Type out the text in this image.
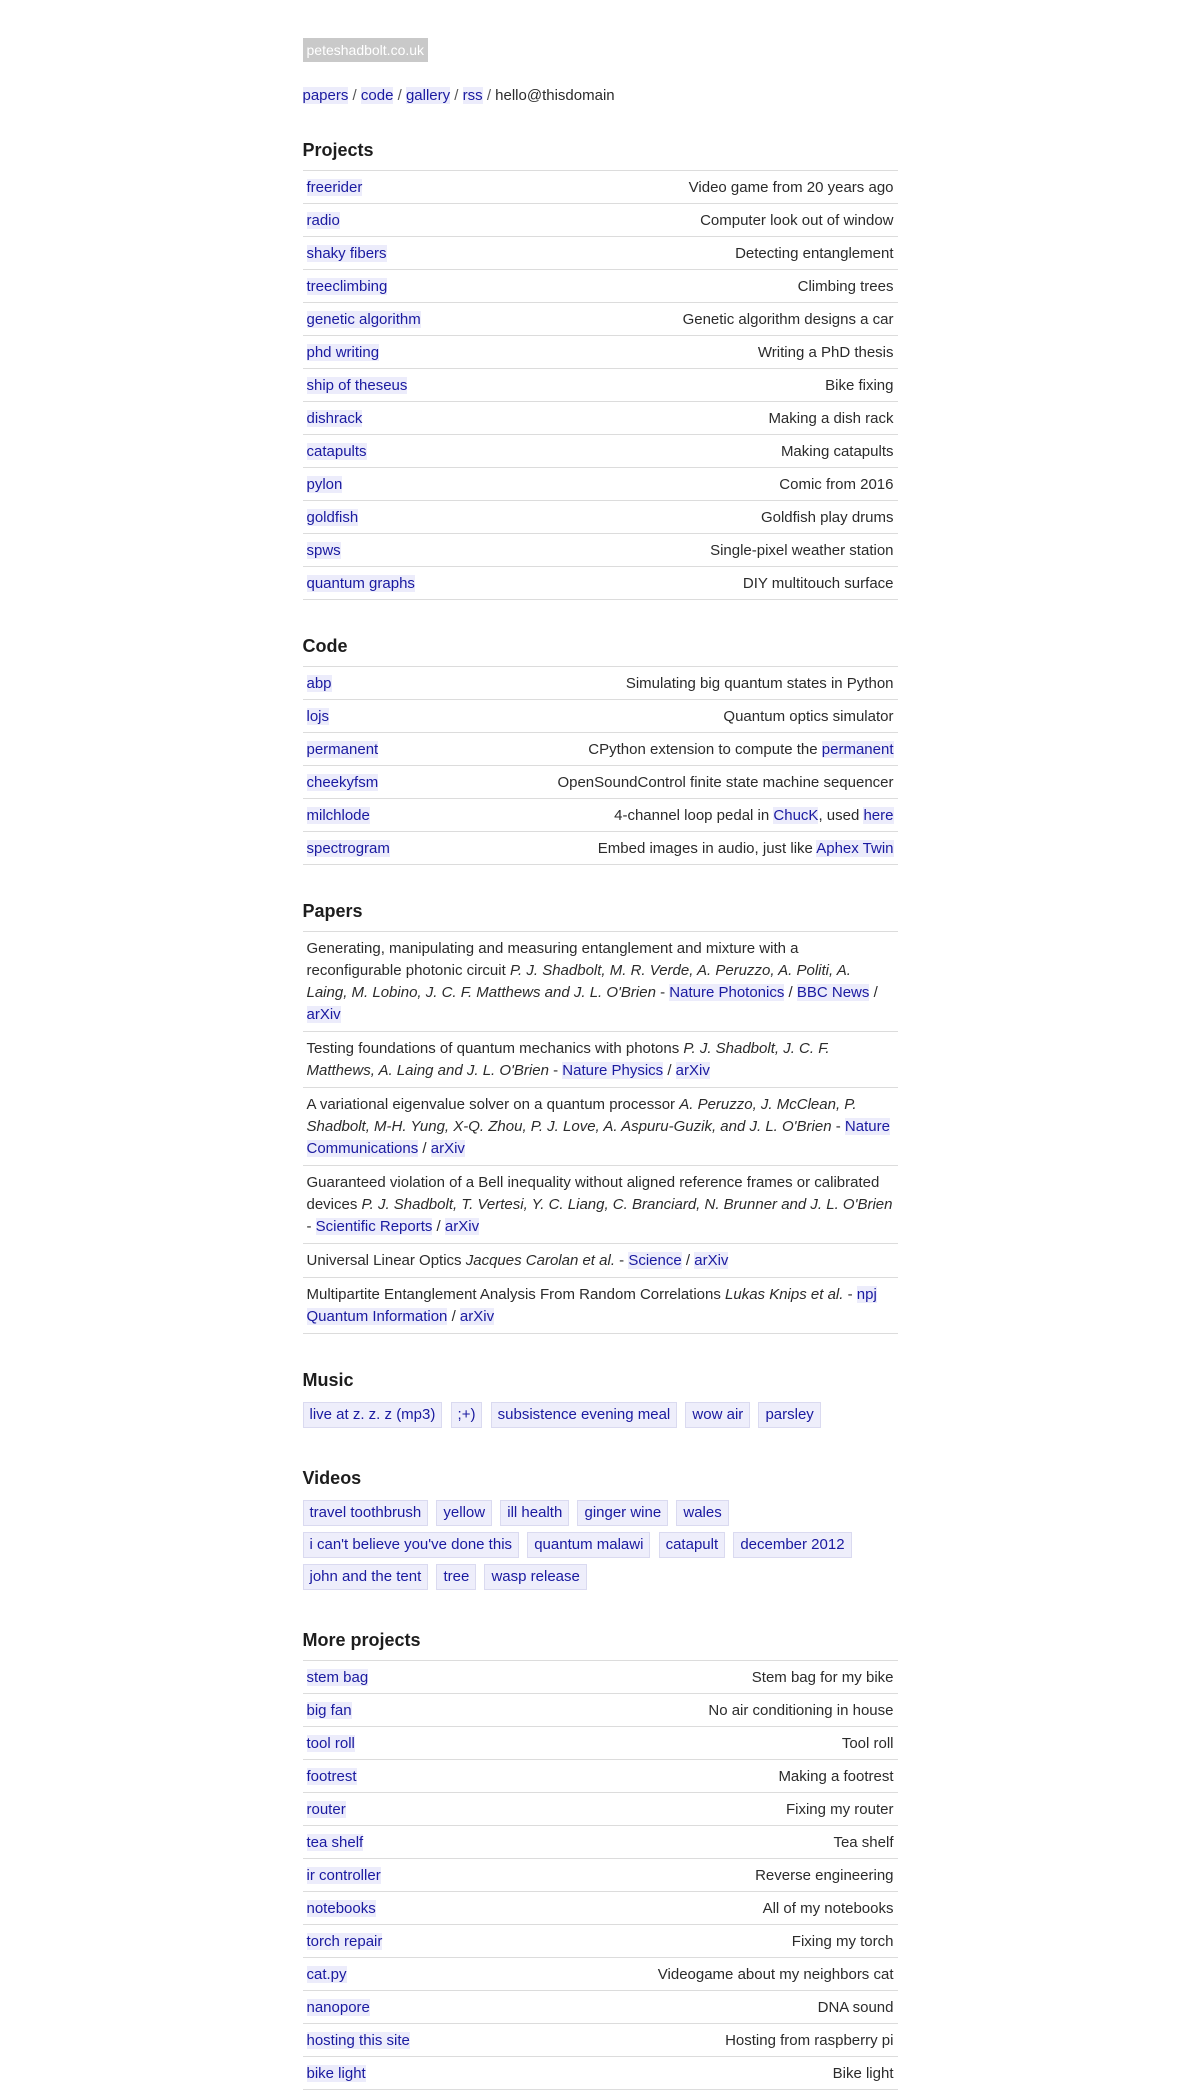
peteshadbolt.co.uk
papers / code / gallery / rss / hello@thisdomain
Projects
freerider	Video game from 20 years ago
radio	Computer look out of window
shaky fibers	Detecting entanglement
treeclimbing	Climbing trees
genetic algorithm	Genetic algorithm designs a car
phd writing	Writing a PhD thesis
ship of theseus	Bike fixing
dishrack	Making a dish rack
catapults	Making catapults
pylon	Comic from 2016
goldfish	Goldfish play drums
spws	Single-pixel weather station
quantum graphs	DIY multitouch surface
Code
abp	Simulating big quantum states in Python
lojs	Quantum optics simulator
permanent	CPython extension to compute the permanent
cheekyfsm	OpenSoundControl finite state machine sequencer
milchlode	4-channel loop pedal in ChucK, used here
spectrogram	Embed images in audio, just like Aphex Twin
Papers
Generating, manipulating and measuring entanglement and mixture with a reconfigurable photonic circuit P. J. Shadbolt, M. R. Verde, A. Peruzzo, A. Politi, A. Laing, M. Lobino, J. C. F. Matthews and J. L. O'Brien - Nature Photonics / BBC News / arXiv
Testing foundations of quantum mechanics with photons P. J. Shadbolt, J. C. F. Matthews, A. Laing and J. L. O'Brien - Nature Physics / arXiv
A variational eigenvalue solver on a quantum processor A. Peruzzo, J. McClean, P. Shadbolt, M-H. Yung, X-Q. Zhou, P. J. Love, A. Aspuru-Guzik, and J. L. O'Brien - Nature Communications / arXiv
Guaranteed violation of a Bell inequality without aligned reference frames or calibrated devices P. J. Shadbolt, T. Vertesi, Y. C. Liang, C. Branciard, N. Brunner and J. L. O'Brien - Scientific Reports / arXiv
Universal Linear Optics Jacques Carolan et al. - Science / arXiv
Multipartite Entanglement Analysis From Random Correlations Lukas Knips et al. - npj Quantum Information / arXiv
Music
live at z. z. z (mp3) ;+) subsistence evening meal wow air parsley
Videos
travel toothbrush yellow ill health ginger wine wales i can't believe you've done this quantum malawi catapult december 2012 john and the tent tree wasp release
More projects
stem bag	Stem bag for my bike
big fan	No air conditioning in house
tool roll	Tool roll
footrest	Making a footrest
router	Fixing my router
tea shelf	Tea shelf
ir controller	Reverse engineering
notebooks	All of my notebooks
torch repair	Fixing my torch
cat.py	Videogame about my neighbors cat
nanopore	DNA sound
hosting this site	Hosting from raspberry pi
bike light	Bike light
